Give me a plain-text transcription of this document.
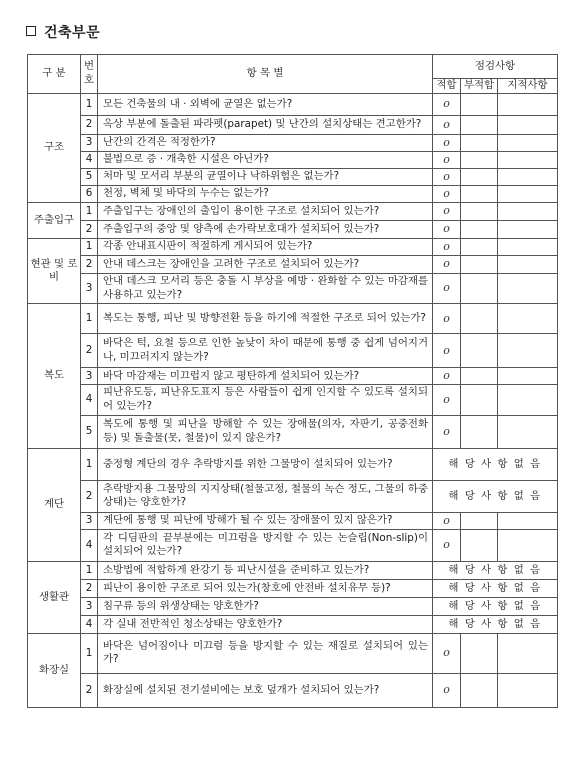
건축부문
구 분	번호	항 목 별	점검사항		
			적합	부적합	지적사항
구조	1	모든 건축물의 내 · 외벽에 균열은 없는가?	o		
	2	옥상 부분에 돌출된 파라펫(parapet) 및 난간의 설치상태는 견고한가?	o		
	3	난간의 간격은 적정한가?	o		
	4	불법으로 증 · 개축한 시설은 아닌가?	o		
	5	처마 및 모서리 부분의 균열이나 낙하위험은 없는가?	o		
	6	천정, 벽체 및 바닥의 누수는 없는가?	o		
주출입구	1	주출입구는 장애인의 출입이 용이한 구조로 설치되어 있는가?	o		
	2	주출입구의 중앙 및 양측에 손가락보호대가 설치되어 있는가?	o		
현관 및 로비	1	각종 안내표시판이 적절하게 게시되어 있는가?	o		
	2	안내 데스크는 장애인을 고려한 구조로 설치되어 있는가?	o		
	3	안내 데스크 모서리 등은 충돌 시 부상을 예방 · 완화할 수 있는 마감재를 사용하고 있는가?	o		
복도	1	복도는 통행, 피난 및 방향전환 등을 하기에 적절한 구조로 되어 있는가?	o		
	2	바닥은 턱, 요철 등으로 인한 높낮이 차이 때문에 통행 중 쉽게 넘어지거나, 미끄러지지 않는가?	o		
	3	바닥 마감재는 미끄럽지 않고 평탄하게 설치되어 있는가?	o		
	4	피난유도등, 피난유도표지 등은 사람들이 쉽게 인지할 수 있도록 설치되어 있는가?	o		
	5	복도에 통행 및 피난을 방해할 수 있는 장애물(의자, 자판기, 공중전화 등) 및 돌출물(못, 철물)이 있지 않은가?	o		
계단	1	중정형 계단의 경우 추락방지를 위한 그물망이 설치되어 있는가?	해 당 사 항 없 음		
	2	추락방지용 그물망의 지지상태(철물고정, 철물의 녹슨 정도, 그물의 하중상태)는 양호한가?	해 당 사 항 없 음		
	3	계단에 통행 및 피난에 방해가 될 수 있는 장애물이 있지 않은가?	o		
	4	각 디딤판의 끝부분에는 미끄럼을 방지할 수 있는 논슬립(Non-slip)이 설치되어 있는가?	o		
생활관	1	소방법에 적합하게 완강기 등 피난시설을 준비하고 있는가?	해 당 사 항 없 음		
	2	피난이 용이한 구조로 되어 있는가(창호에 안전바 설치유무 등)?	해 당 사 항 없 음		
	3	침구류 등의 위생상태는 양호한가?	해 당 사 항 없 음		
	4	각 실내 전반적인 청소상태는 양호한가?	해 당 사 항 없 음		
화장실	1	바닥은 넘어짐이나 미끄럼 등을 방지할 수 있는 재질로 설치되어 있는가?	o		
	2	화장실에 설치된 전기설비에는 보호 덮개가 설치되어 있는가?	o		
